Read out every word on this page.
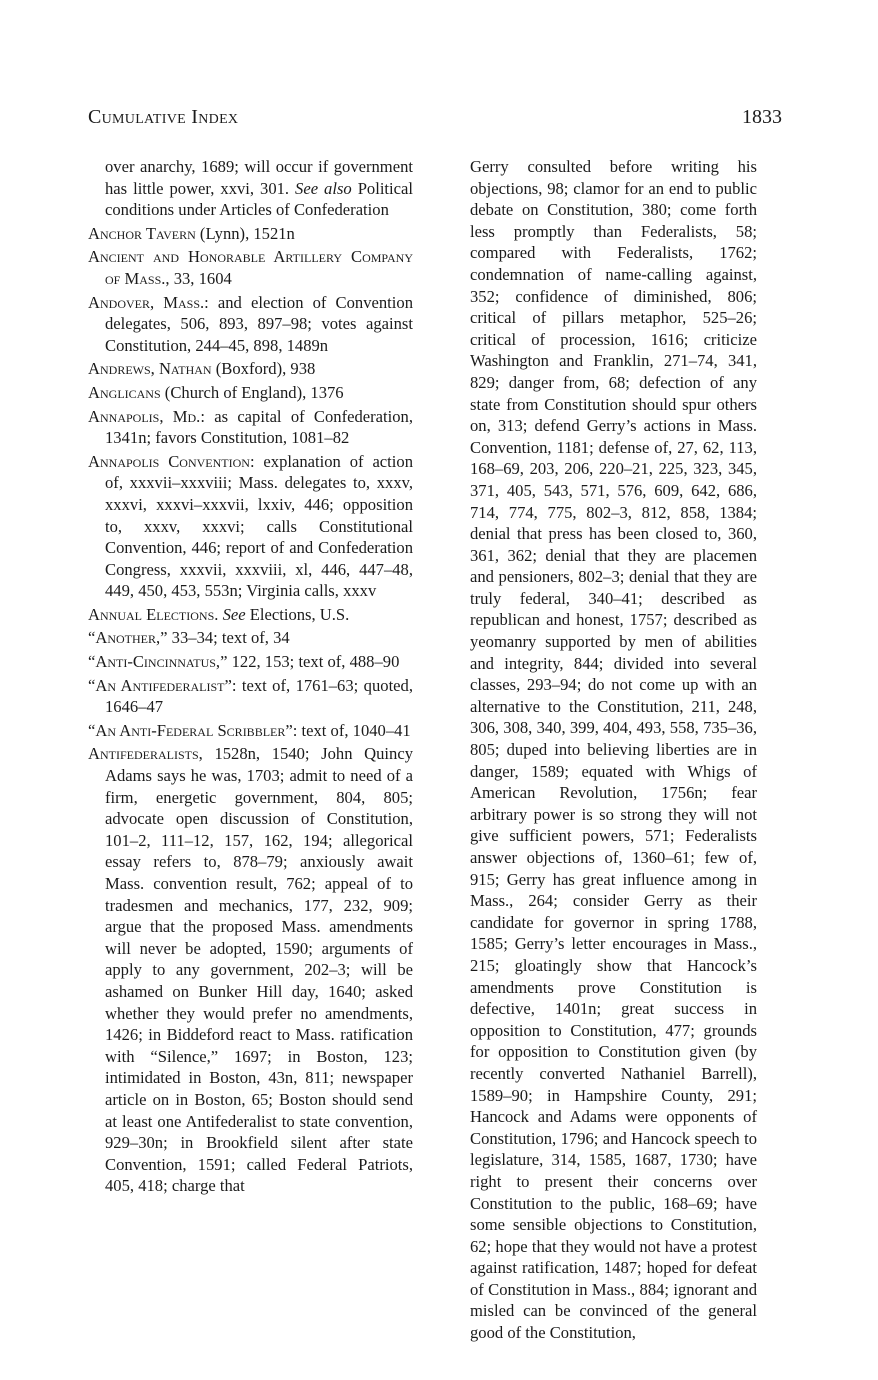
Cumulative Index	1833

over anarchy, 1689; will occur if government has little power, xxvi, 301. See also Political conditions under Articles of Confederation

Anchor Tavern (Lynn), 1521n

Ancient and Honorable Artillery Company of Mass., 33, 1604

Andover, Mass.: and election of Convention delegates, 506, 893, 897–98; votes against Constitution, 244–45, 898, 1489n

Andrews, Nathan (Boxford), 938

Anglicans (Church of England), 1376

Annapolis, Md.: as capital of Confederation, 1341n; favors Constitution, 1081–82

Annapolis Convention: explanation of action of, xxxvii–xxxviii; Mass. delegates to, xxxv, xxxvi, xxxvi–xxxvii, lxxiv, 446; opposition to, xxxv, xxxvi; calls Constitutional Convention, 446; report of and Confederation Congress, xxxvii, xxxviii, xl, 446, 447–48, 449, 450, 453, 553n; Virginia calls, xxxv

Annual Elections. See Elections, U.S.

“Another,” 33–34; text of, 34

“Anti-Cincinnatus,” 122, 153; text of, 488–90

“An Antifederalist”: text of, 1761–63; quoted, 1646–47

“An Anti-Federal Scribbler”: text of, 1040–41

Antifederalists, 1528n, 1540; John Quincy Adams says he was, 1703; admit to need of a firm, energetic government, 804, 805; advocate open discussion of Constitution, 101–2, 111–12, 157, 162, 194; allegorical essay refers to, 878–79; anxiously await Mass. convention result, 762; appeal of to tradesmen and mechanics, 177, 232, 909; argue that the proposed Mass. amendments will never be adopted, 1590; arguments of apply to any government, 202–3; will be ashamed on Bunker Hill day, 1640; asked whether they would prefer no amendments, 1426; in Biddeford react to Mass. ratification with “Silence,” 1697; in Boston, 123; intimidated in Boston, 43n, 811; newspaper article on in Boston, 65; Boston should send at least one Antifederalist to state convention, 929–30n; in Brookfield silent after state Convention, 1591; called Federal Patriots, 405, 418; charge that

Gerry consulted before writing his objections, 98; clamor for an end to public debate on Constitution, 380; come forth less promptly than Federalists, 58; compared with Federalists, 1762; condemnation of name-calling against, 352; confidence of diminished, 806; critical of pillars metaphor, 525–26; critical of procession, 1616; criticize Washington and Franklin, 271–74, 341, 829; danger from, 68; defection of any state from Constitution should spur others on, 313; defend Gerry’s actions in Mass. Convention, 1181; defense of, 27, 62, 113, 168–69, 203, 206, 220–21, 225, 323, 345, 371, 405, 543, 571, 576, 609, 642, 686, 714, 774, 775, 802–3, 812, 858, 1384; denial that press has been closed to, 360, 361, 362; denial that they are placemen and pensioners, 802–3; denial that they are truly federal, 340–41; described as republican and honest, 1757; described as yeomanry supported by men of abilities and integrity, 844; divided into several classes, 293–94; do not come up with an alternative to the Constitution, 211, 248, 306, 308, 340, 399, 404, 493, 558, 735–36, 805; duped into believing liberties are in danger, 1589; equated with Whigs of American Revolution, 1756n; fear arbitrary power is so strong they will not give sufficient powers, 571; Federalists answer objections of, 1360–61; few of, 915; Gerry has great influence among in Mass., 264; consider Gerry as their candidate for governor in spring 1788, 1585; Gerry’s letter encourages in Mass., 215; gloatingly show that Hancock’s amendments prove Constitution is defective, 1401n; great success in opposition to Constitution, 477; grounds for opposition to Constitution given (by recently converted Nathaniel Barrell), 1589–90; in Hampshire County, 291; Hancock and Adams were opponents of Constitution, 1796; and Hancock speech to legislature, 314, 1585, 1687, 1730; have right to present their concerns over Constitution to the public, 168–69; have some sensible objections to Constitution, 62; hope that they would not have a protest against ratification, 1487; hoped for defeat of Constitution in Mass., 884; ignorant and misled can be convinced of the general good of the Constitution,
